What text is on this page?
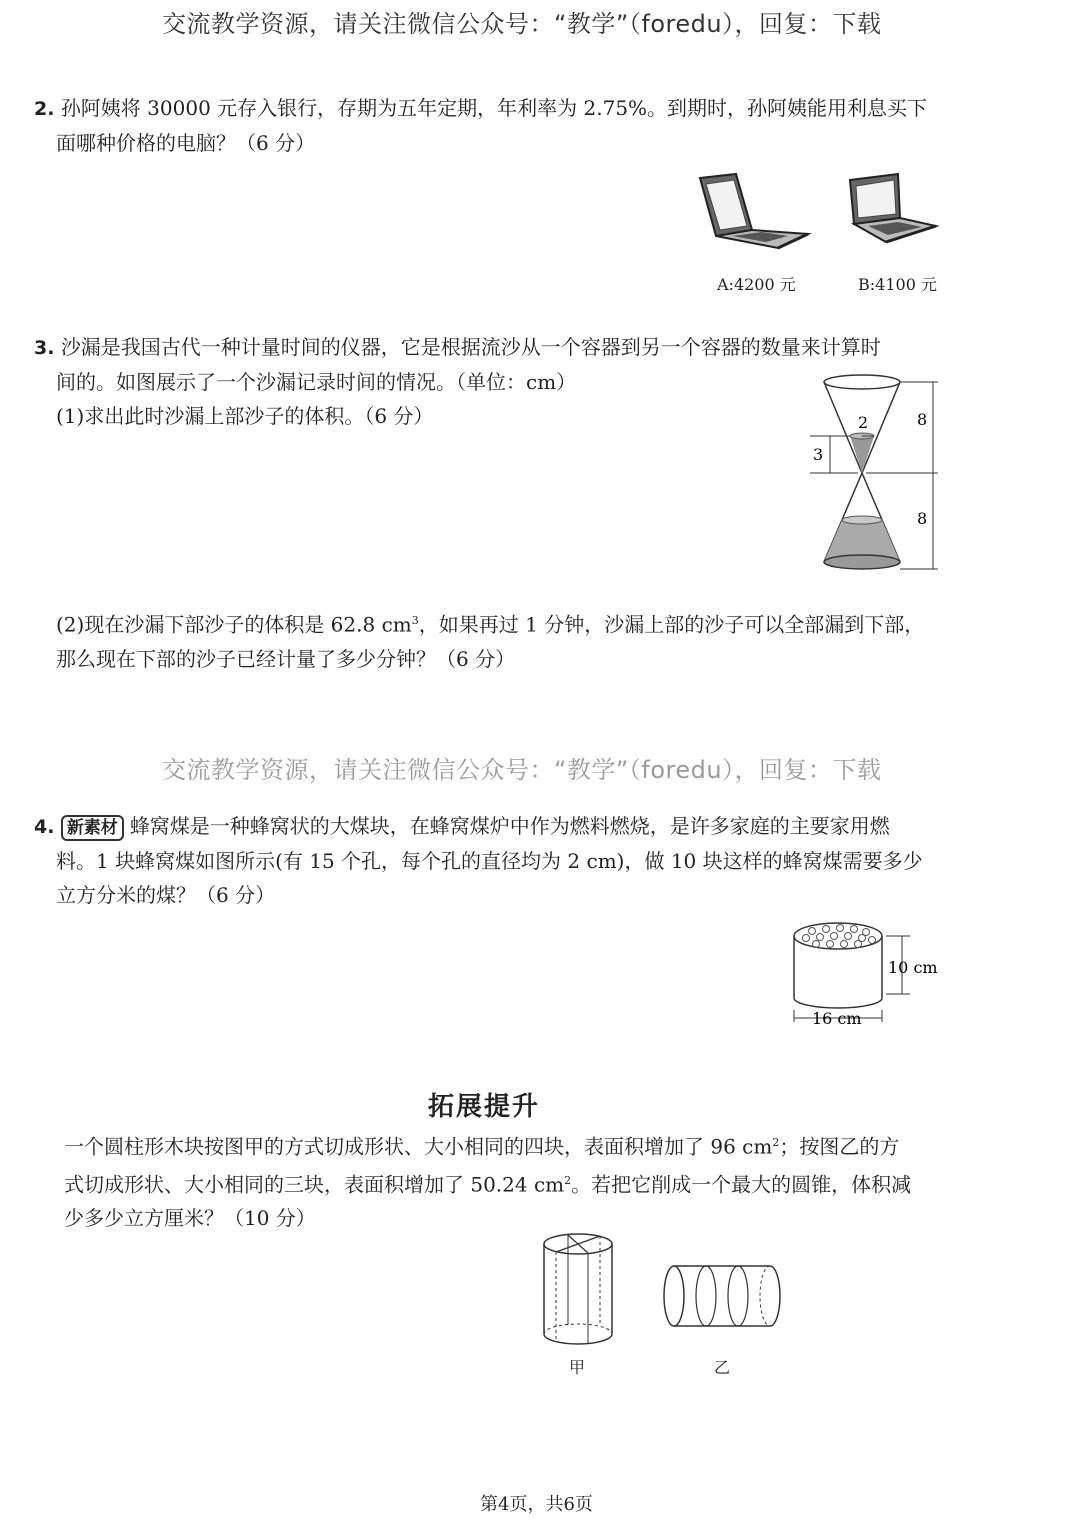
交流教学资源，请关注微信公众号：“教学”（foredu），回复：下载
交流教学资源，请关注微信公众号：“教学”（foredu），回复：下载
2. 孙阿姨将 30000 元存入银行，存期为五年定期，年利率为 2.75%。到期时，孙阿姨能用利息买下
面哪种价格的电脑？（6 分）
A:4200 元	B:4100 元
3. 沙漏是我国古代一种计量时间的仪器，它是根据流沙从一个容器到另一个容器的数量来计算时
间的。如图展示了一个沙漏记录时间的情况。（单位：cm）
(1)求出此时沙漏上部沙子的体积。（6 分）	2	8
8
3
(2)现在沙漏下部沙子的体积是 62.8 $cm^3$，如果再过 1 分钟，沙漏上部的沙子可以全部漏到下部，
那么现在下部的沙子已经计量了多少分钟？（6 分）
4. 新素材 蜂窝煤是一种蜂窝状的大煤块，在蜂窝煤炉中作为燃料燃烧，是许多家庭的主要家用燃
料。1 块蜂窝煤如图所示(有 15 个孔，每个孔的直径均为 2 cm)，做 10 块这样的蜂窝煤需要多少
立方分米的煤？（6 分）
10 cm
16 cm
拓展提升
一个圆柱形木块按图甲的方式切成形状、大小相同的四块，表面积增加了 96 $cm^2$；按图乙的方
式切成形状、大小相同的三块，表面积增加了 50.24 $cm^2$。若把它削成一个最大的圆锥，体积减
少多少立方厘米？（10 分）
甲	乙
第4页，共6页
